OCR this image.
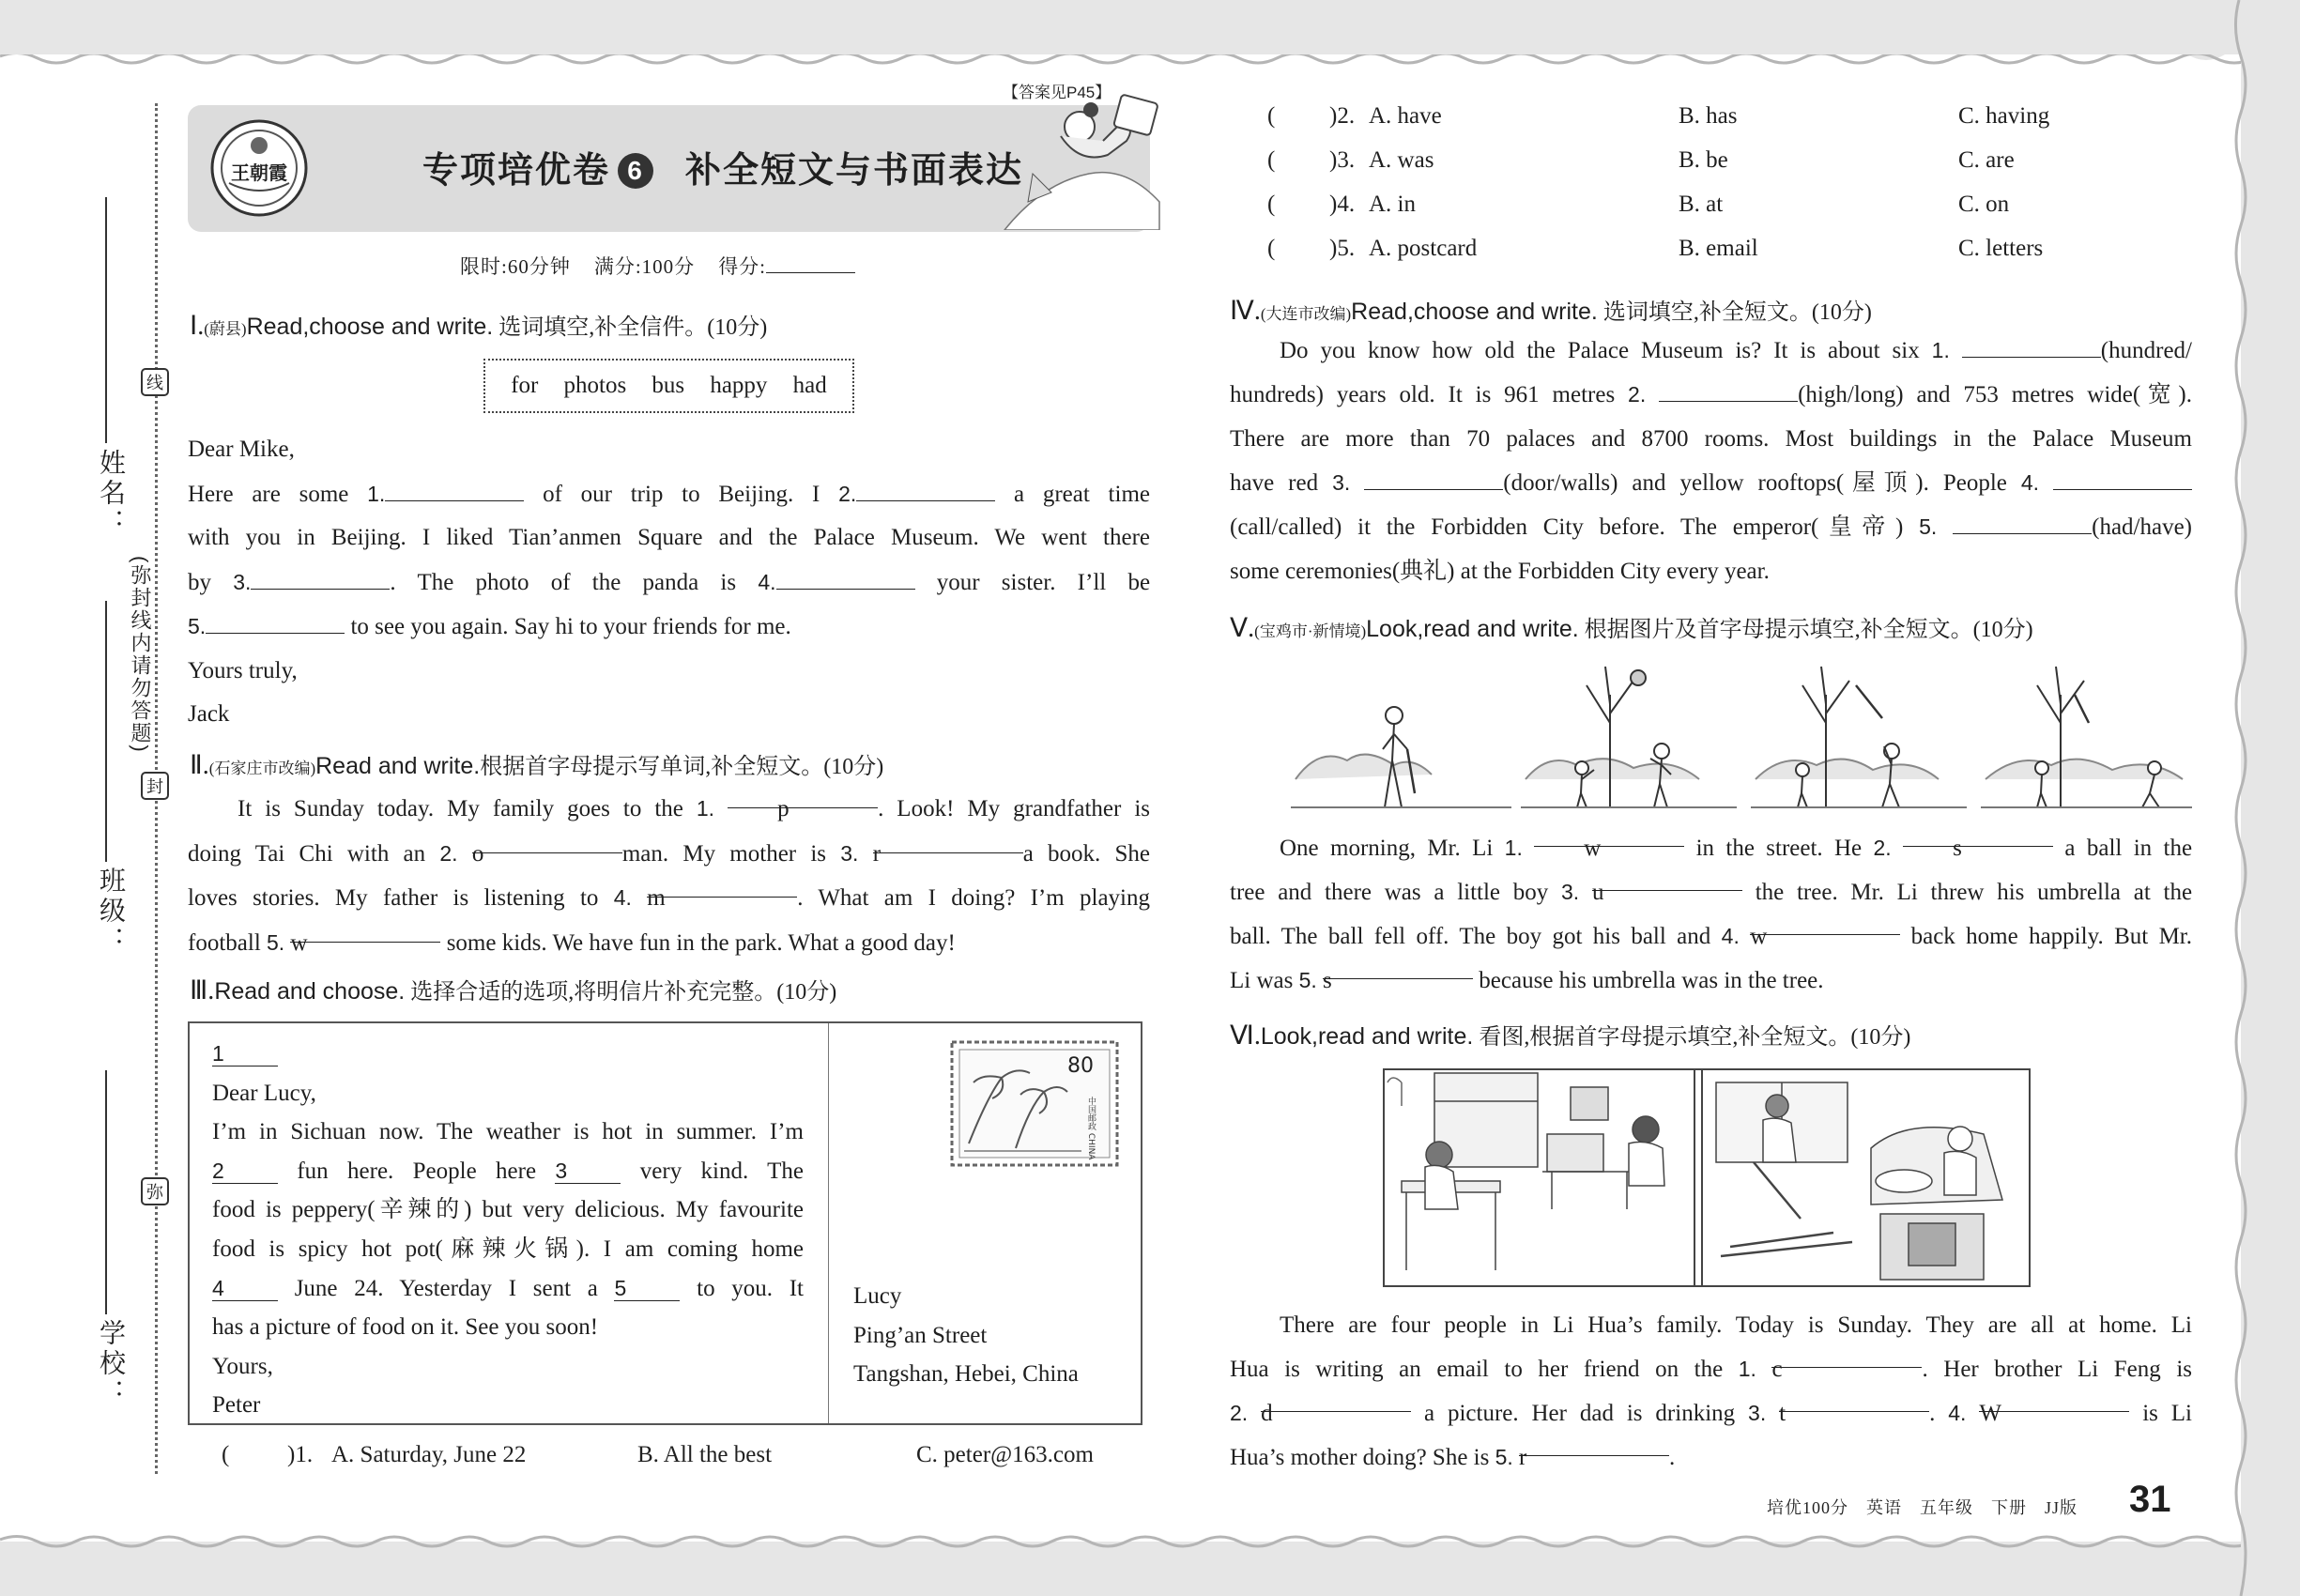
姓名：
班级：
学校：
线
封
弥
(弥封线内请勿答题)
王朝霞	专项培优卷 6 补全短文与书面表达
【答案见P45】
限时:60分钟 满分:100分 得分:
Ⅰ.(蔚县)Read,choose and write. 选词填空,补全信件。(10分)
for photos bus happy had
Dear Mike,
Here are some 1.	of our trip to Beijing. I 2.	a great time
with you in Beijing. I liked Tian’anmen Square and the Palace Museum. We went there
by 3.	. The photo of the panda is 4.	your sister. I’ll be
5.	to see you again. Say hi to your friends for me.
Yours truly,
Jack
Ⅱ.(石家庄市改编)Read and write.根据首字母提示写单词,补全短文。(10分)
It is Sunday today. My family goes to the 1.	p	. Look! My grandfather is
doing Tai Chi with an 2. o	man. My mother is 3. r	a book. She
loves stories. My father is listening to 4. m	. What am I doing? I’m playing
football 5. w	some kids. We have fun in the park. What a good day!
Ⅲ.Read and choose. 选择合适的选项,将明信片补充完整。(10分)
1
Dear Lucy,
I’m in Sichuan now. The weather is hot in summer. I’m
2	fun here. People here 3	very kind. The
food is peppery(辛辣的) but very delicious. My favourite
food is spicy hot pot(麻辣火锅). I am coming home
4	June 24. Yesterday I sent a 5	to you. It
has a picture of food on it. See you soon!
Yours,
Peter
80
中国邮政 CHINA
Lucy
Ping’an Street
Tangshan, Hebei, China
( )1. A. Saturday, June 22	B. All the best	C. peter@163.com
( )2. A. have	B. has	C. having
( )3. A. was	B. be	C. are
( )4. A. in	B. at	C. on
( )5. A. postcard	B. email	C. letters
Ⅳ.(大连市改编)Read,choose and write. 选词填空,补全短文。(10分)
Do you know how old the Palace Museum is? It is about six 1.	(hundred/
hundreds) years old. It is 961 metres 2.	(high/long) and 753 metres wide(宽).
There are more than 70 palaces and 8700 rooms. Most buildings in the Palace Museum
have red 3.	(door/walls) and yellow rooftops(屋顶). People 4.
(call/called) it the Forbidden City before. The emperor(皇帝) 5.	(had/have)
some ceremonies(典礼) at the Forbidden City every year.
Ⅴ.(宝鸡市·新情境)Look,read and write. 根据图片及首字母提示填空,补全短文。(10分)
One morning, Mr. Li 1.	w	in the street. He 2.	s	a ball in the
tree and there was a little boy 3. u	the tree. Mr. Li threw his umbrella at the
ball. The ball fell off. The boy got his ball and 4. w	back home happily. But Mr.
Li was 5. s	because his umbrella was in the tree.
Ⅵ.Look,read and write. 看图,根据首字母提示填空,补全短文。(10分)
There are four people in Li Hua’s family. Today is Sunday. They are all at home. Li
Hua is writing an email to her friend on the 1. c	. Her brother Li Feng is
2. d	a picture. Her dad is drinking 3. t	. 4. W	is Li
Hua’s mother doing? She is 5. r	.
培优100分　英语　五年级　下册　JJ版 31
